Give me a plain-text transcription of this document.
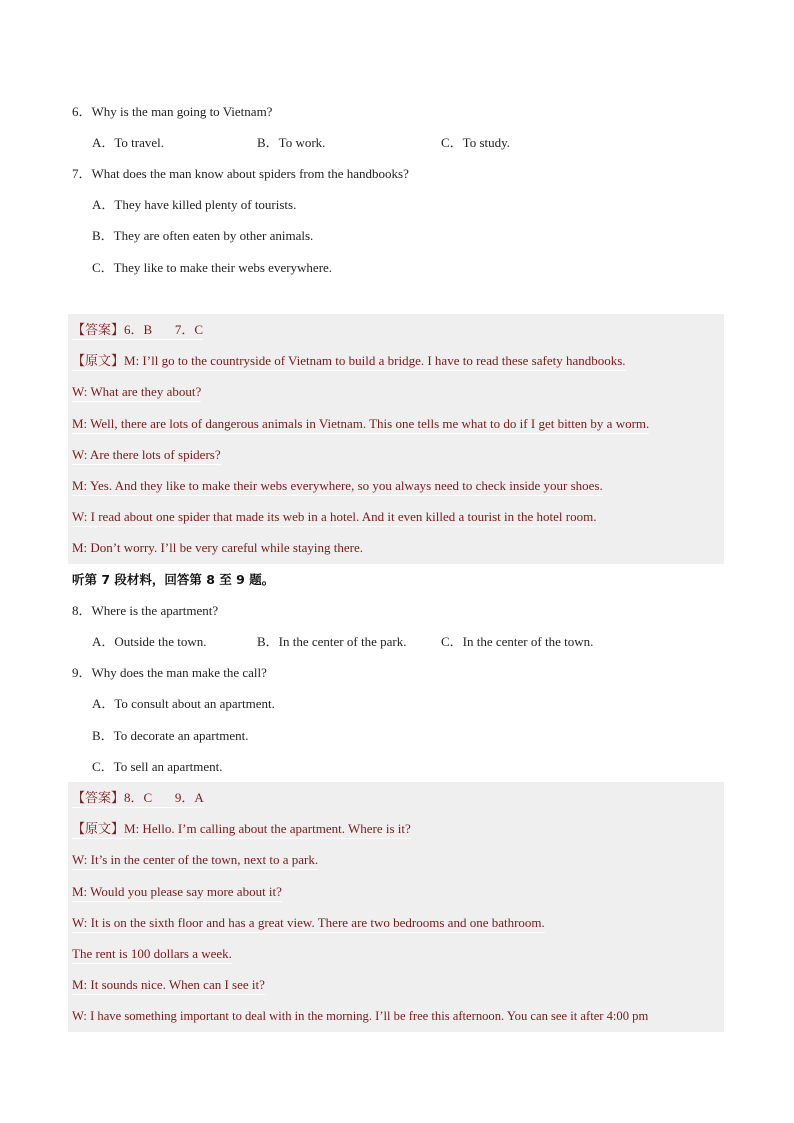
6．Why is the man going to Vietnam?
A．To travel.	B．To work.	C．To study.
7．What does the man know about spiders from the handbooks?
A．They have killed plenty of tourists.
B．They are often eaten by other animals.
C．They like to make their webs everywhere.
【答案】6．B       7．C
【原文】M: I’ll go to the countryside of Vietnam to build a bridge. I have to read these safety handbooks.
W: What are they about?
M: Well, there are lots of dangerous animals in Vietnam. This one tells me what to do if I get bitten by a worm.
W: Are there lots of spiders?
M: Yes. And they like to make their webs everywhere, so you always need to check inside your shoes.
W: I read about one spider that made its web in a hotel. And it even killed a tourist in the hotel room.
M: Don’t worry. I’ll be very careful while staying there.
听第 7 段材料，回答第 8 至 9 题。
8．Where is the apartment?
A．Outside the town.	B．In the center of the park.	C．In the center of the town.
9．Why does the man make the call?
A．To consult about an apartment.
B．To decorate an apartment.
C．To sell an apartment.
【答案】8．C       9．A
【原文】M: Hello. I’m calling about the apartment. Where is it?
W: It’s in the center of the town, next to a park.
M: Would you please say more about it?
W: It is on the sixth floor and has a great view. There are two bedrooms and one bathroom.
The rent is 100 dollars a week.
M: It sounds nice. When can I see it?
W: I have something important to deal with in the morning. I’ll be free this afternoon. You can see it after 4:00 pm
